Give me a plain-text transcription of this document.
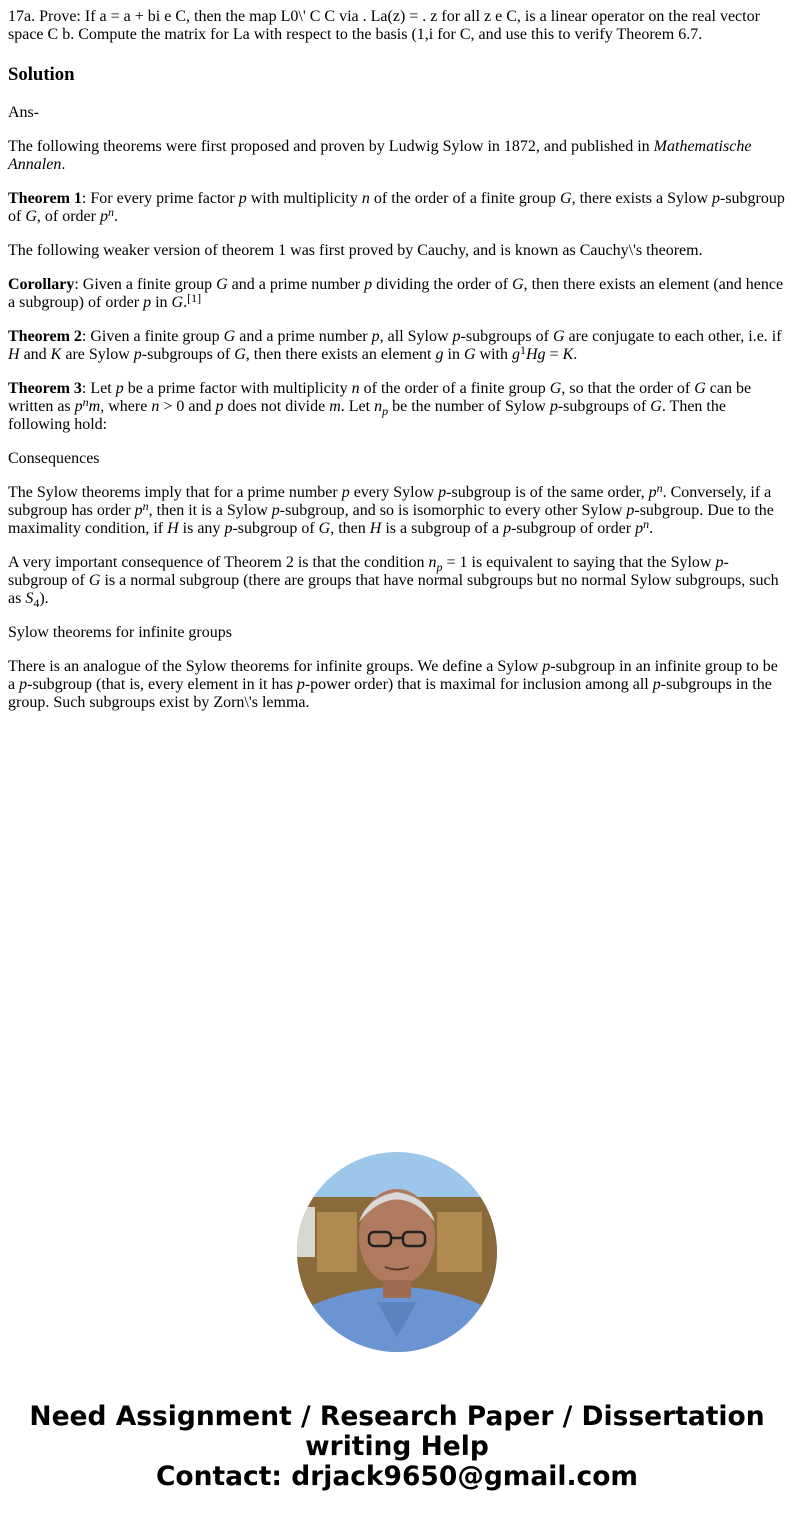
17a. Prove: If a = a + bi e C, then the map L0\' C C via . La(z) = . z for all z e C, is a linear operator on the real vector space C b. Compute the matrix for La with respect to the basis (1,i for C, and use this to verify Theorem 6.7.

Solution

Ans-

The following theorems were first proposed and proven by Ludwig Sylow in 1872, and published in Mathematische Annalen.

Theorem 1: For every prime factor p with multiplicity n of the order of a finite group G, there exists a Sylow p-subgroup of G, of order $p^n$.

The following weaker version of theorem 1 was first proved by Cauchy, and is known as Cauchy\'s theorem.

Corollary: Given a finite group G and a prime number p dividing the order of G, then there exists an element (and hence a subgroup) of order p in G.[1]

Theorem 2: Given a finite group G and a prime number p, all Sylow p-subgroups of G are conjugate to each other, i.e. if H and K are Sylow p-subgroups of G, then there exists an element g in G with $g^1Hg = K$.

Theorem 3: Let p be a prime factor with multiplicity n of the order of a finite group G, so that the order of G can be written as $p^nm$, where n > 0 and p does not divide m. Let $n_p$ be the number of Sylow p-subgroups of G. Then the following hold:

Consequences

The Sylow theorems imply that for a prime number p every Sylow p-subgroup is of the same order, $p^n$. Conversely, if a subgroup has order $p^n$, then it is a Sylow p-subgroup, and so is isomorphic to every other Sylow p-subgroup. Due to the maximality condition, if H is any p-subgroup of G, then H is a subgroup of a p-subgroup of order $p^n$.

A very important consequence of Theorem 2 is that the condition $n_p = 1$ is equivalent to saying that the Sylow p-subgroup of G is a normal subgroup (there are groups that have normal subgroups but no normal Sylow subgroups, such as $S_4$).

Sylow theorems for infinite groups

There is an analogue of the Sylow theorems for infinite groups. We define a Sylow p-subgroup in an infinite group to be a p-subgroup (that is, every element in it has p-power order) that is maximal for inclusion among all p-subgroups in the group. Such subgroups exist by Zorn\'s lemma.

Need Assignment / Research Paper / Dissertation
writing Help
Contact: drjack9650@gmail.com
